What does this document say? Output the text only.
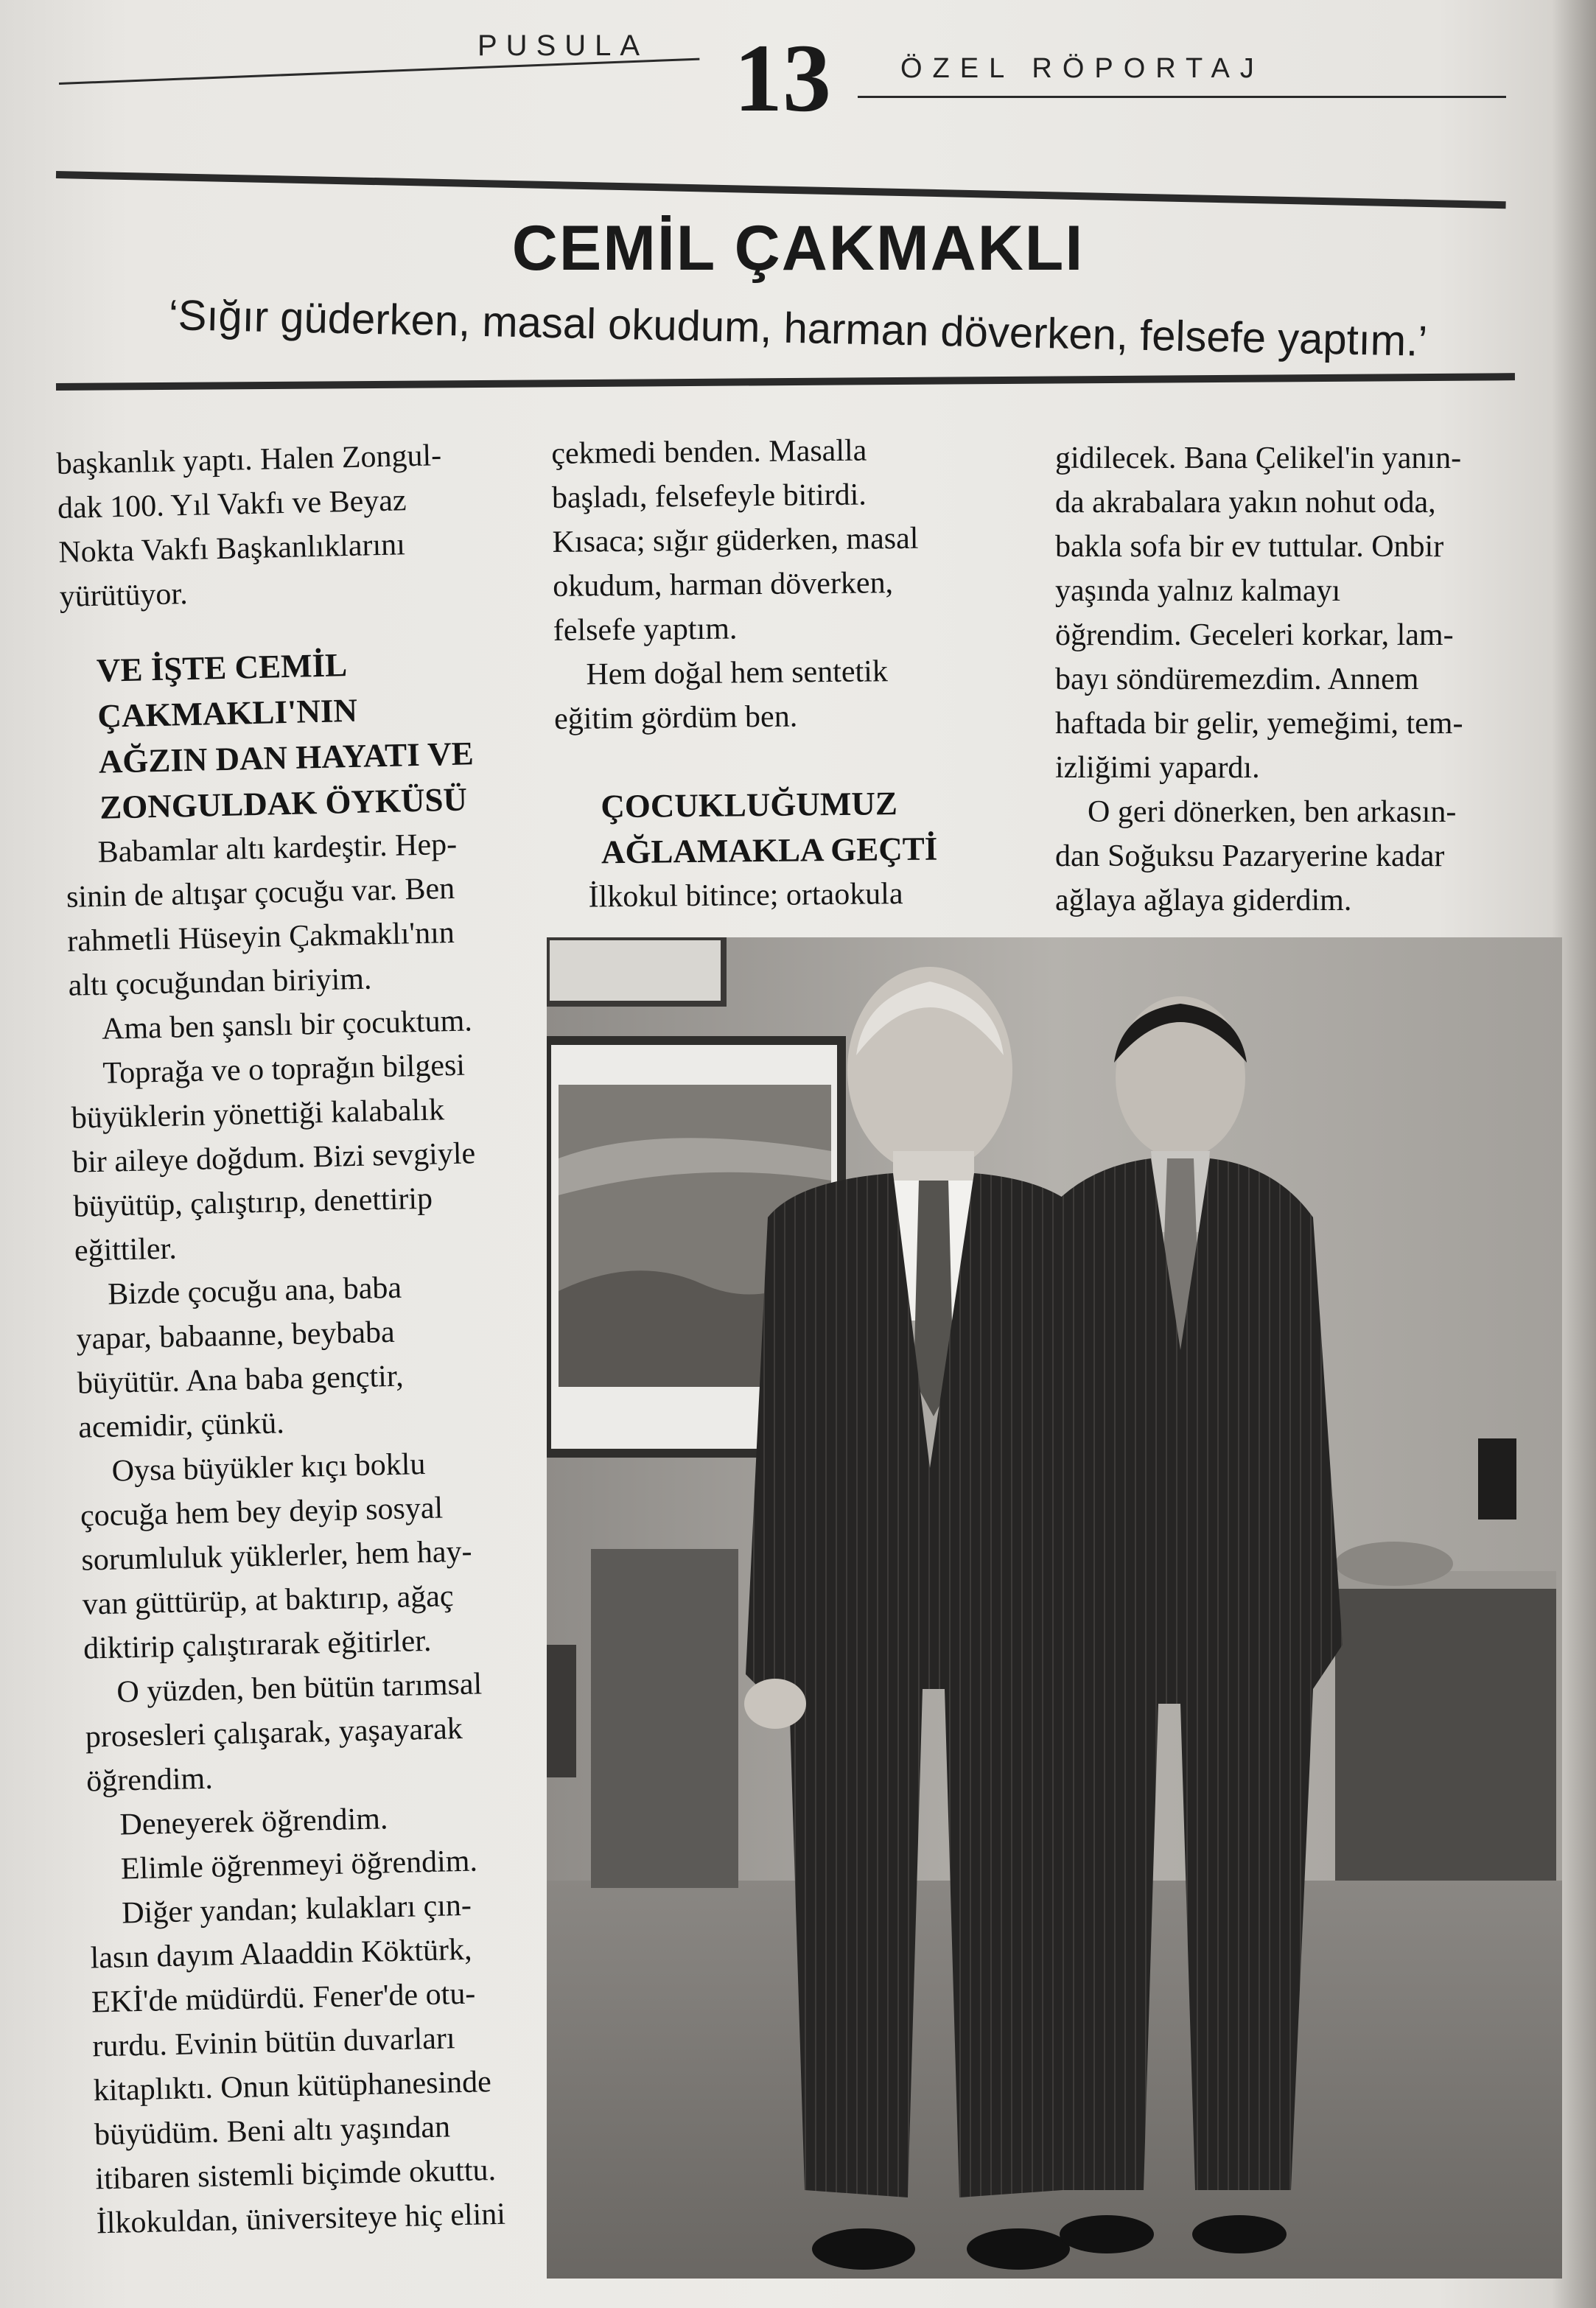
PUSULA 13 ÖZEL RÖPORTAJ
CEMİL ÇAKMAKLI
‘Sığır güderken, masal okudum, harman döverken, felsefe yaptım.’

başkanlık yaptı. Halen Zongul-

dak 100. Yıl Vakfı ve Beyaz

Nokta Vakfı Başkanlıklarını

yürütüyor.

VE İŞTE CEMİL
ÇAKMAKLI'NIN
AĞZIN DAN HAYATI VE
ZONGULDAK ÖYKÜSÜ

Babamlar altı kardeştir. Hep-

sinin de altışar çocuğu var. Ben

rahmetli Hüseyin Çakmaklı'nın

altı çocuğundan biriyim.

Ama ben şanslı bir çocuktum.

Toprağa ve o toprağın bilgesi

büyüklerin yönettiği kalabalık

bir aileye doğdum. Bizi sevgiyle

büyütüp, çalıştırıp, denettirip

eğittiler.

Bizde çocuğu ana, baba

yapar, babaanne, beybaba

büyütür. Ana baba gençtir,

acemidir, çünkü.

Oysa büyükler kıçı boklu

çocuğa hem bey deyip sosyal

sorumluluk yüklerler, hem hay-

van güttürüp, at baktırıp, ağaç

diktirip çalıştırarak eğitirler.

O yüzden, ben bütün tarımsal

prosesleri çalışarak, yaşayarak

öğrendim.

Deneyerek öğrendim.

Elimle öğrenmeyi öğrendim.

Diğer yandan; kulakları çın-

lasın dayım Alaaddin Köktürk,

EKİ'de müdürdü. Fener'de otu-

rurdu. Evinin bütün duvarları

kitaplıktı. Onun kütüphanesinde

büyüdüm. Beni altı yaşından

itibaren sistemli biçimde okuttu.

İlkokuldan, üniversiteye hiç elini

çekmedi benden. Masalla

başladı, felsefeyle bitirdi.

Kısaca; sığır güderken, masal

okudum, harman döverken,

felsefe yaptım.

Hem doğal hem sentetik

eğitim gördüm ben.

ÇOCUKLUĞUMUZ
AĞLAMAKLA GEÇTİ

İlkokul bitince; ortaokula

gidilecek. Bana Çelikel'in yanın-

da akrabalara yakın nohut oda,

bakla sofa bir ev tuttular. Onbir

yaşında yalnız kalmayı

öğrendim. Geceleri korkar, lam-

bayı söndüremezdim. Annem

haftada bir gelir, yemeğimi, tem-

izliğimi yapardı.

O geri dönerken, ben arkasın-

dan Soğuksu Pazaryerine kadar

ağlaya ağlaya giderdim.
